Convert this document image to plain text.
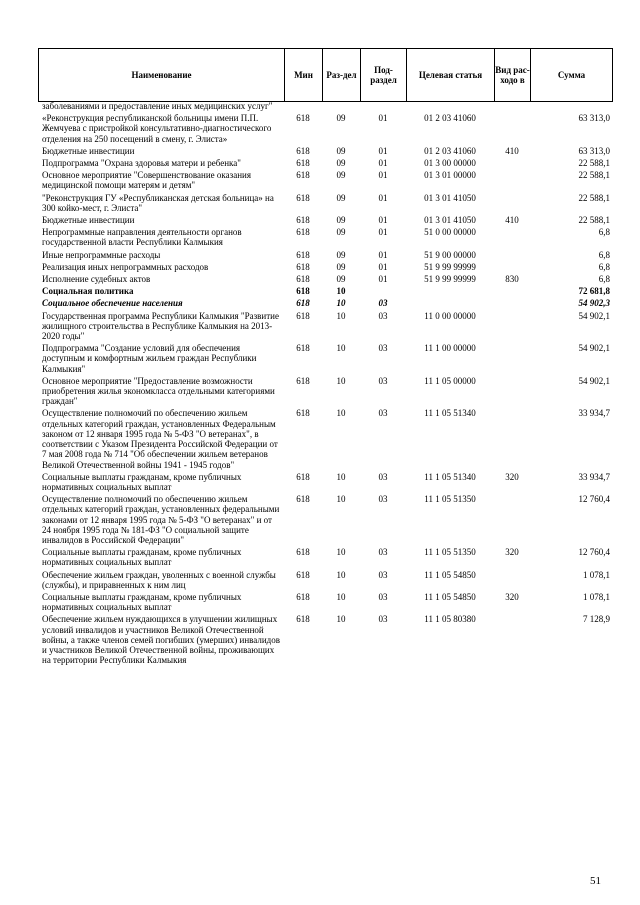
Наименование	Мин	Раз-дел	Под-раздел	Целевая статья	Вид рас-ходо в	Сумма
заболеваниями и предоставление иных медицинских услуг"						
«Реконструкция республиканской больницы имени П.П. Жемчуева с пристройкой консультативно-диагностического отделения на 250 посещений в смену, г. Элиста»	618	09	01	01 2 03 41060		63 313,0
Бюджетные инвестиции	618	09	01	01 2 03 41060	410	63 313,0
Подпрограмма "Охрана здоровья матери и ребенка"	618	09	01	01 3 00 00000		22 588,1
Основное мероприятие "Совершенствование оказания медицинской помощи матерям и детям"	618	09	01	01 3 01 00000		22 588,1
"Реконструкция ГУ «Республиканская детская больница» на 300 койко-мест, г. Элиста"	618	09	01	01 3 01 41050		22 588,1
Бюджетные инвестиции	618	09	01	01 3 01 41050	410	22 588,1
Непрограммные направления деятельности органов государственной власти Республики Калмыкия	618	09	01	51 0 00 00000		6,8
Иные непрограммные расходы	618	09	01	51 9 00 00000		6,8
Реализация иных непрограммных расходов	618	09	01	51 9 99 99999		6,8
Исполнение судебных актов	618	09	01	51 9 99 99999	830	6,8
Социальная политика	618	10				72 681,8
Социальное обеспечение населения	618	10	03			54 902,3
Государственная программа Республики Калмыкия "Развитие жилищного строительства в Республике Калмыкия на 2013-2020 годы"	618	10	03	11 0 00 00000		54 902,1
Подпрограмма "Создание условий для обеспечения доступным и комфортным жильем граждан Республики Калмыкия"	618	10	03	11 1 00 00000		54 902,1
Основное мероприятие "Предоставление возможности приобретения жилья экономкласса отдельными категориями граждан"	618	10	03	11 1 05 00000		54 902,1
Осуществление полномочий по обеспечению жильем отдельных категорий граждан, установленных Федеральным законом от 12 января 1995 года № 5-ФЗ "О ветеранах", в соответствии с Указом Президента Российской Федерации от 7 мая 2008 года № 714 "Об обеспечении жильем ветеранов Великой Отечественной войны 1941 - 1945 годов"	618	10	03	11 1 05 51340		33 934,7
Социальные выплаты гражданам, кроме публичных нормативных социальных выплат	618	10	03	11 1 05 51340	320	33 934,7
Осуществление полномочий по обеспечению жильем отдельных категорий граждан, установленных федеральными законами от 12 января 1995 года № 5-ФЗ "О ветеранах" и от 24 ноября 1995 года № 181-ФЗ "О социальной защите инвалидов в Российской Федерации"	618	10	03	11 1 05 51350		12 760,4
Социальные выплаты гражданам, кроме публичных нормативных социальных выплат	618	10	03	11 1 05 51350	320	12 760,4
Обеспечение жильем граждан, уволенных с военной службы (службы), и приравненных к ним лиц	618	10	03	11 1 05 54850		1 078,1
Социальные выплаты гражданам, кроме публичных нормативных социальных выплат	618	10	03	11 1 05 54850	320	1 078,1
Обеспечение жильем нуждающихся в улучшении жилищных условий инвалидов и участников Великой Отечественной войны, а также членов семей погибших (умерших) инвалидов и участников Великой Отечественной войны, проживающих на территории Республики Калмыкия	618	10	03	11 1 05 80380		7 128,9
51
